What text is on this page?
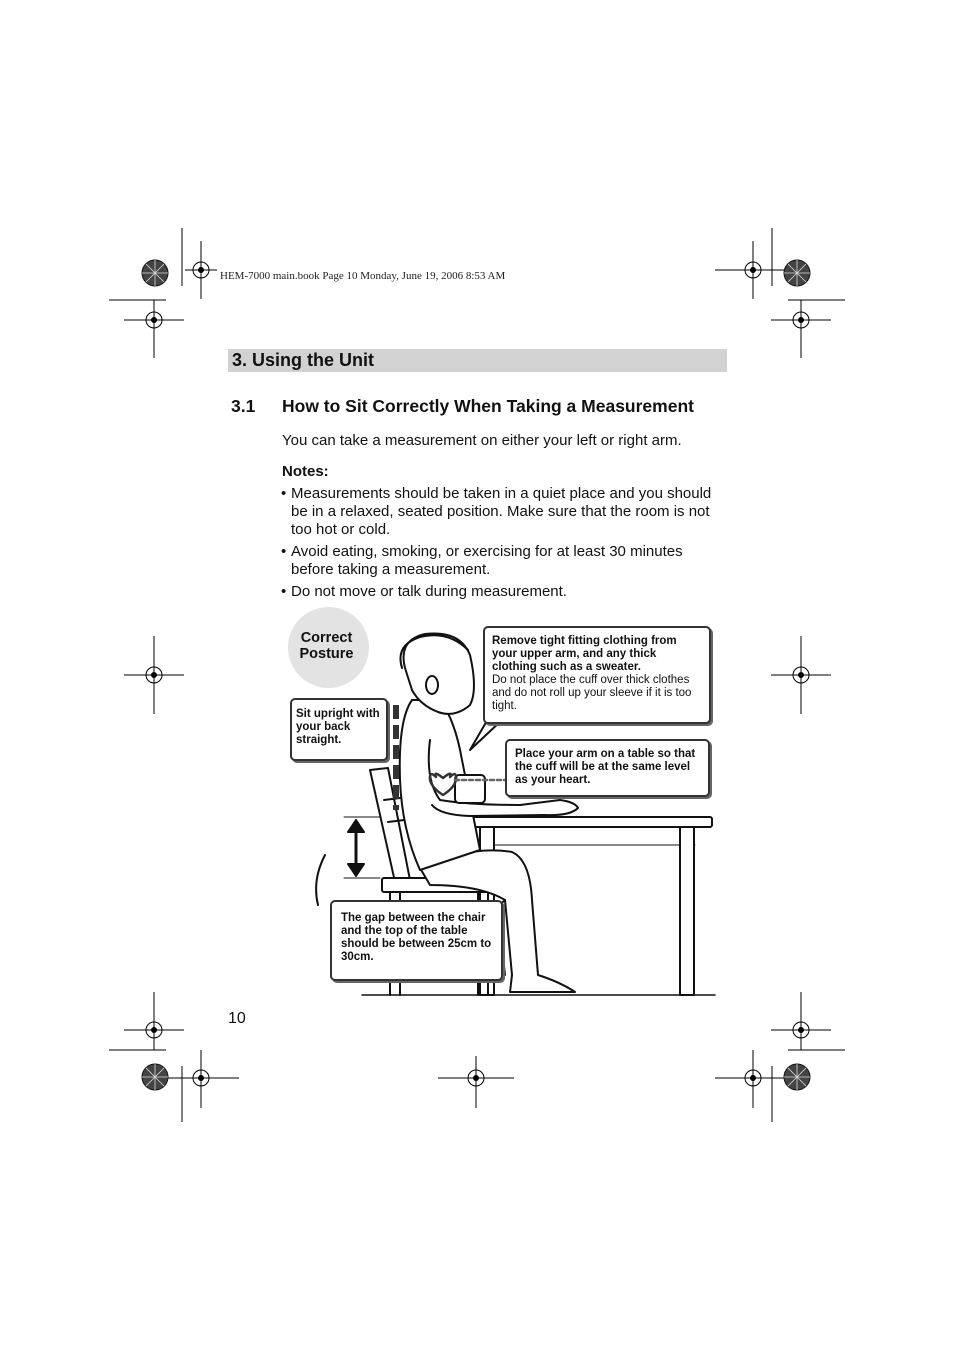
HEM-7000 main.book Page 10 Monday, June 19, 2006 8:53 AM
3. Using the Unit
3.1 How to Sit Correctly When Taking a Measurement
You can take a measurement on either your left or right arm.
Notes:
• Measurements should be taken in a quiet place and you should be in a relaxed, seated position. Make sure that the room is not too hot or cold.
• Avoid eating, smoking, or exercising for at least 30 minutes before taking a measurement.
• Do not move or talk during measurement.
Correct
Posture
Sit upright with your back straight.
Remove tight fitting clothing from your upper arm, and any thick clothing such as a sweater.
Do not place the cuff over thick clothes and do not roll up your sleeve if it is too tight.
Place your arm on a table so that the cuff will be at the same level as your heart.
The gap between the chair and the top of the table should be between 25cm to 30cm.
10
